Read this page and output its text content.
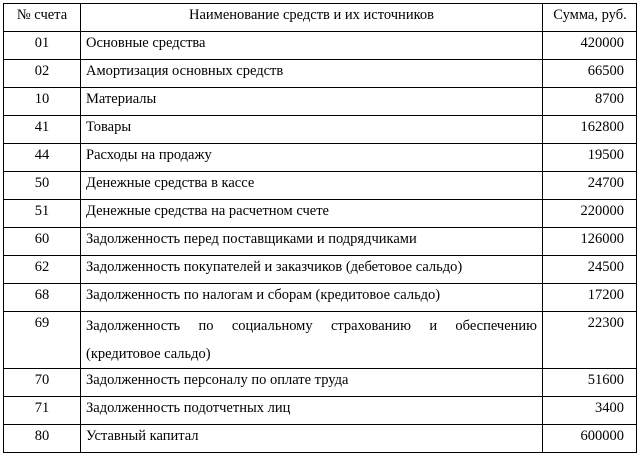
№ счета	Наименование средств и их источников	Сумма, руб.
01	Основные средства	420000
02	Амортизация основных средств	66500
10	Материалы	8700
41	Товары	162800
44	Расходы на продажу	19500
50	Денежные средства в кассе	24700
51	Денежные средства на расчетном счете	220000
60	Задолженность перед поставщиками и подрядчиками	126000
62	Задолженность покупателей и заказчиков (дебетовое сальдо)	24500
68	Задолженность по налогам и сборам (кредитовое сальдо)	17200
69	Задолженность по социальному страхованию и обеспечению (кредитовое сальдо)	22300
70	Задолженность персоналу по оплате труда	51600
71	Задолженность подотчетных лиц	3400
80	Уставный капитал	600000
